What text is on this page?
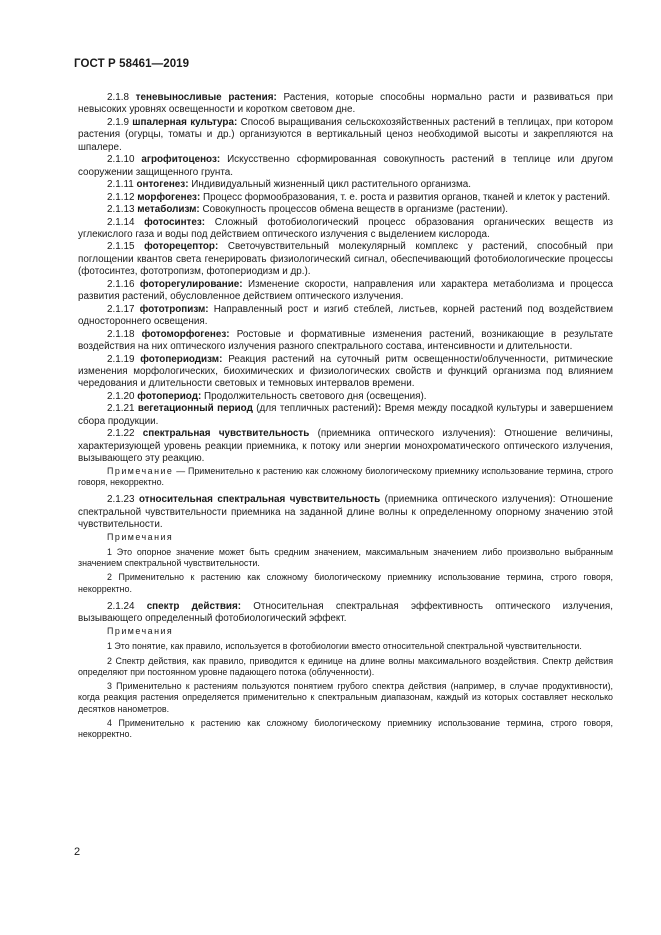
ГОСТ Р 58461—2019

2.1.8 теневыносливые растения: Растения, которые способны нормально расти и развиваться при невысоких уровнях освещенности и коротком световом дне.

2.1.9 шпалерная культура: Способ выращивания сельскохозяйственных растений в теплицах, при котором растения (огурцы, томаты и др.) организуются в вертикальный ценоз необходимой высоты и закрепляются на шпалере.

2.1.10 агрофитоценоз: Искусственно сформированная совокупность растений в теплице или другом сооружении защищенного грунта.

2.1.11 онтогенез: Индивидуальный жизненный цикл растительного организма.

2.1.12 морфогенез: Процесс формообразования, т. е. роста и развития органов, тканей и клеток у растений.

2.1.13 метаболизм: Совокупность процессов обмена веществ в организме (растении).

2.1.14 фотосинтез: Сложный фотобиологический процесс образования органических веществ из углекислого газа и воды под действием оптического излучения с выделением кислорода.

2.1.15 фоторецептор: Светочувствительный молекулярный комплекс у растений, способный при поглощении квантов света генерировать физиологический сигнал, обеспечивающий фотобиологические процессы (фотосинтез, фототропизм, фотопериодизм и др.).

2.1.16 фоторегулирование: Изменение скорости, направления или характера метаболизма и процесса развития растений, обусловленное действием оптического излучения.

2.1.17 фототропизм: Направленный рост и изгиб стеблей, листьев, корней растений под воздействием одностороннего освещения.

2.1.18 фотоморфогенез: Ростовые и формативные изменения растений, возникающие в результате воздействия на них оптического излучения разного спектрального состава, интенсивности и длительности.

2.1.19 фотопериодизм: Реакция растений на суточный ритм освещенности/облученности, ритмические изменения морфологических, биохимических и физиологических свойств и функций организма под влиянием чередования и длительности световых и темновых интервалов времени.

2.1.20 фотопериод: Продолжительность светового дня (освещения).

2.1.21 вегетационный период (для тепличных растений): Время между посадкой культуры и завершением сбора продукции.

2.1.22 спектральная чувствительность (приемника оптического излучения): Отношение величины, характеризующей уровень реакции приемника, к потоку или энергии монохроматического оптического излучения, вызывающего эту реакцию.

Примечание — Применительно к растению как сложному биологическому приемнику использование термина, строго говоря, некорректно.

2.1.23 относительная спектральная чувствительность (приемника оптического излучения): Отношение спектральной чувствительности приемника на заданной длине волны к определенному опорному значению этой чувствительности.

Примечания

1 Это опорное значение может быть средним значением, максимальным значением либо произвольно выбранным значением спектральной чувствительности.

2 Применительно к растению как сложному биологическому приемнику использование термина, строго говоря, некорректно.

2.1.24 спектр действия: Относительная спектральная эффективность оптического излучения, вызывающего определенный фотобиологический эффект.

Примечания

1 Это понятие, как правило, используется в фотобиологии вместо относительной спектральной чувствительности.

2 Спектр действия, как правило, приводится к единице на длине волны максимального воздействия. Спектр действия определяют при постоянном уровне падающего потока (облученности).

3 Применительно к растениям пользуются понятием грубого спектра действия (например, в случае продуктивности), когда реакция растения определяется применительно к спектральным диапазонам, каждый из которых составляет несколько десятков нанометров.

4 Применительно к растению как сложному биологическому приемнику использование термина, строго говоря, некорректно.

2
